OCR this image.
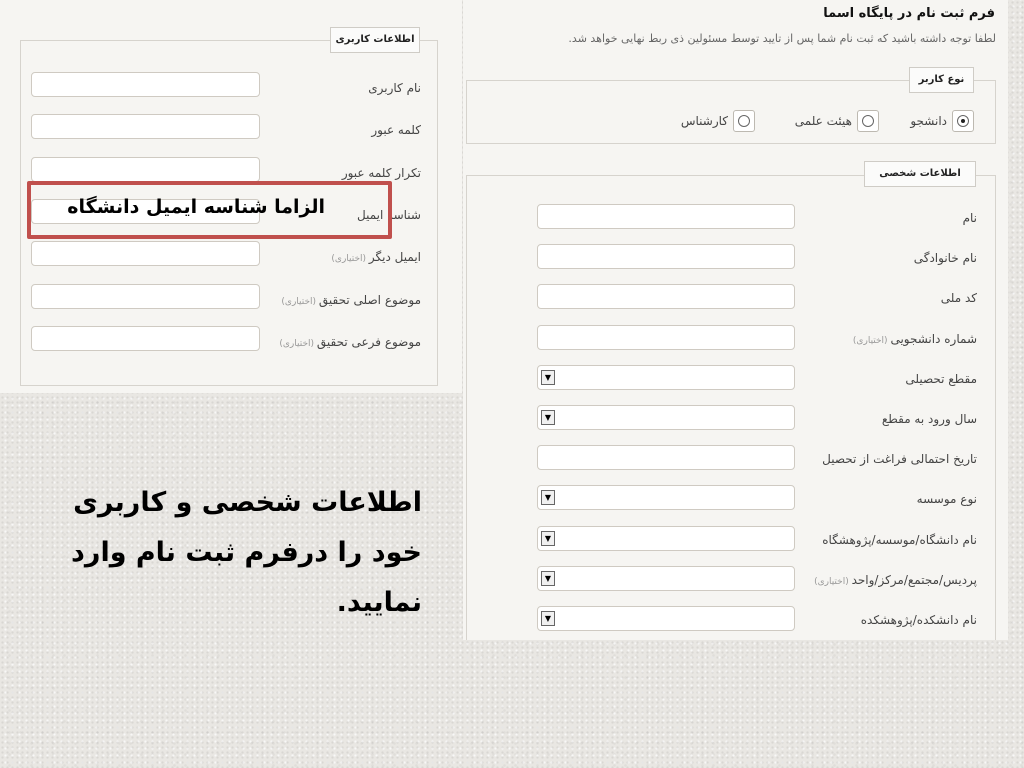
فرم ثبت نام در پایگاه اسما
لطفا توجه داشته باشید که ثبت نام شما پس از تایید توسط مسئولین ذی ربط نهایی خواهد شد.
نوع کاربر
دانشجو
هیئت علمی
کارشناس
اطلاعات شخصی
نام
نام خانوادگی
کد ملی
شماره دانشجویی (اختیاری)
مقطع تحصیلی
▼
سال ورود به مقطع
▼
تاریخ احتمالی فراغت از تحصیل
نوع موسسه
▼
نام دانشگاه/موسسه/پژوهشگاه
▼
پردیس/مجتمع/مرکز/واحد (اختیاری)
▼
نام دانشکده/پژوهشکده
▼
اطلاعات کاربری
نام کاربری
کلمه عبور
تکرار کلمه عبور
شناسه ایمیل
ایمیل دیگر (اختیاری)
موضوع اصلی تحقیق (اختیاری)
موضوع فرعی تحقیق (اختیاری)
الزاما شناسه ایمیل دانشگاه
اطلاعات شخصی و کاربری خود را درفرم ثبت نام وارد نمایید.
